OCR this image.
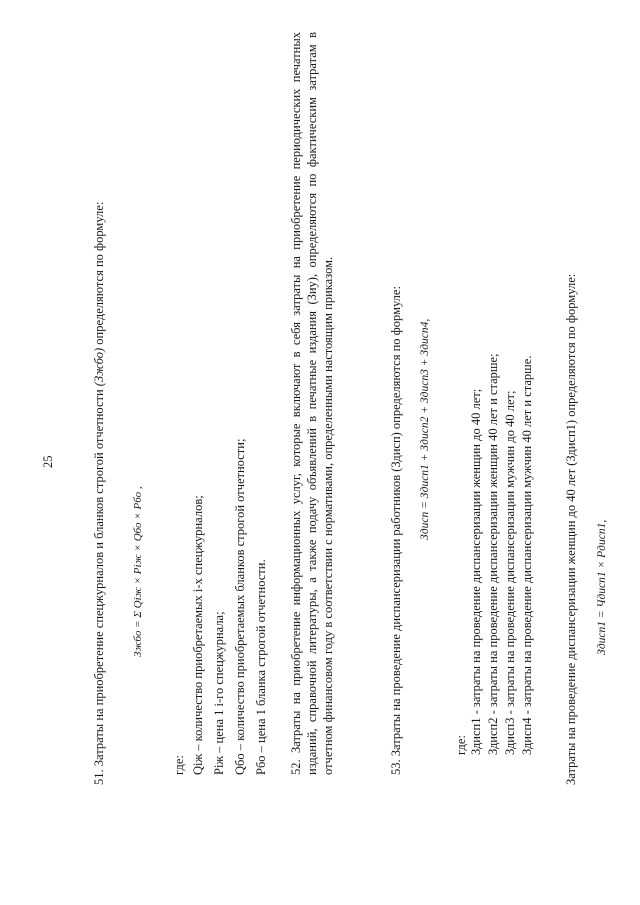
25	51. Затраты на приобретение спецжурналов и бланков строгой отчетности (Зжбо) определяются по формуле:
Зжбо = Σ Qiж × Piж × Qбо × Pбо ,
где: Qiж – количество приобретаемых i-х спецжурналов; Piж – цена 1 i-го спецжурнала; Qбо – количество приобретаемых бланков строгой отчетности; Pбо – цена 1 бланка строгой отчетности. 52. Затраты на приобретение информационных услуг, которые включают в себя затраты на приобретение периодических печатных изданий, справочной литературы, а также подачу объявлений в печатные издания (Зиу), определяются по фактическим затратам в отчетном финансовом году в соответствии с нормативами, определенными настоящим приказом.	53. Затраты на проведение диспансеризации работников (Здисп) определяются по формуле: Здисп = Здисп1 + Здисп2 + Здисп3 + Здисп4,
где: Здисп1 - затраты на проведение диспансеризации женщин до 40 лет; Здисп2 - затраты на проведение диспансеризации женщин 40 лет и старше; Здисп3 - затраты на проведение диспансеризации мужчин до 40 лет; Здисп4 - затраты на проведение диспансеризации мужчин 40 лет и старше. Затраты на проведение диспансеризации женщин до 40 лет (Здисп1) определяются по формуле: Здисп1 = Чдисп1 × Pдисп1,
